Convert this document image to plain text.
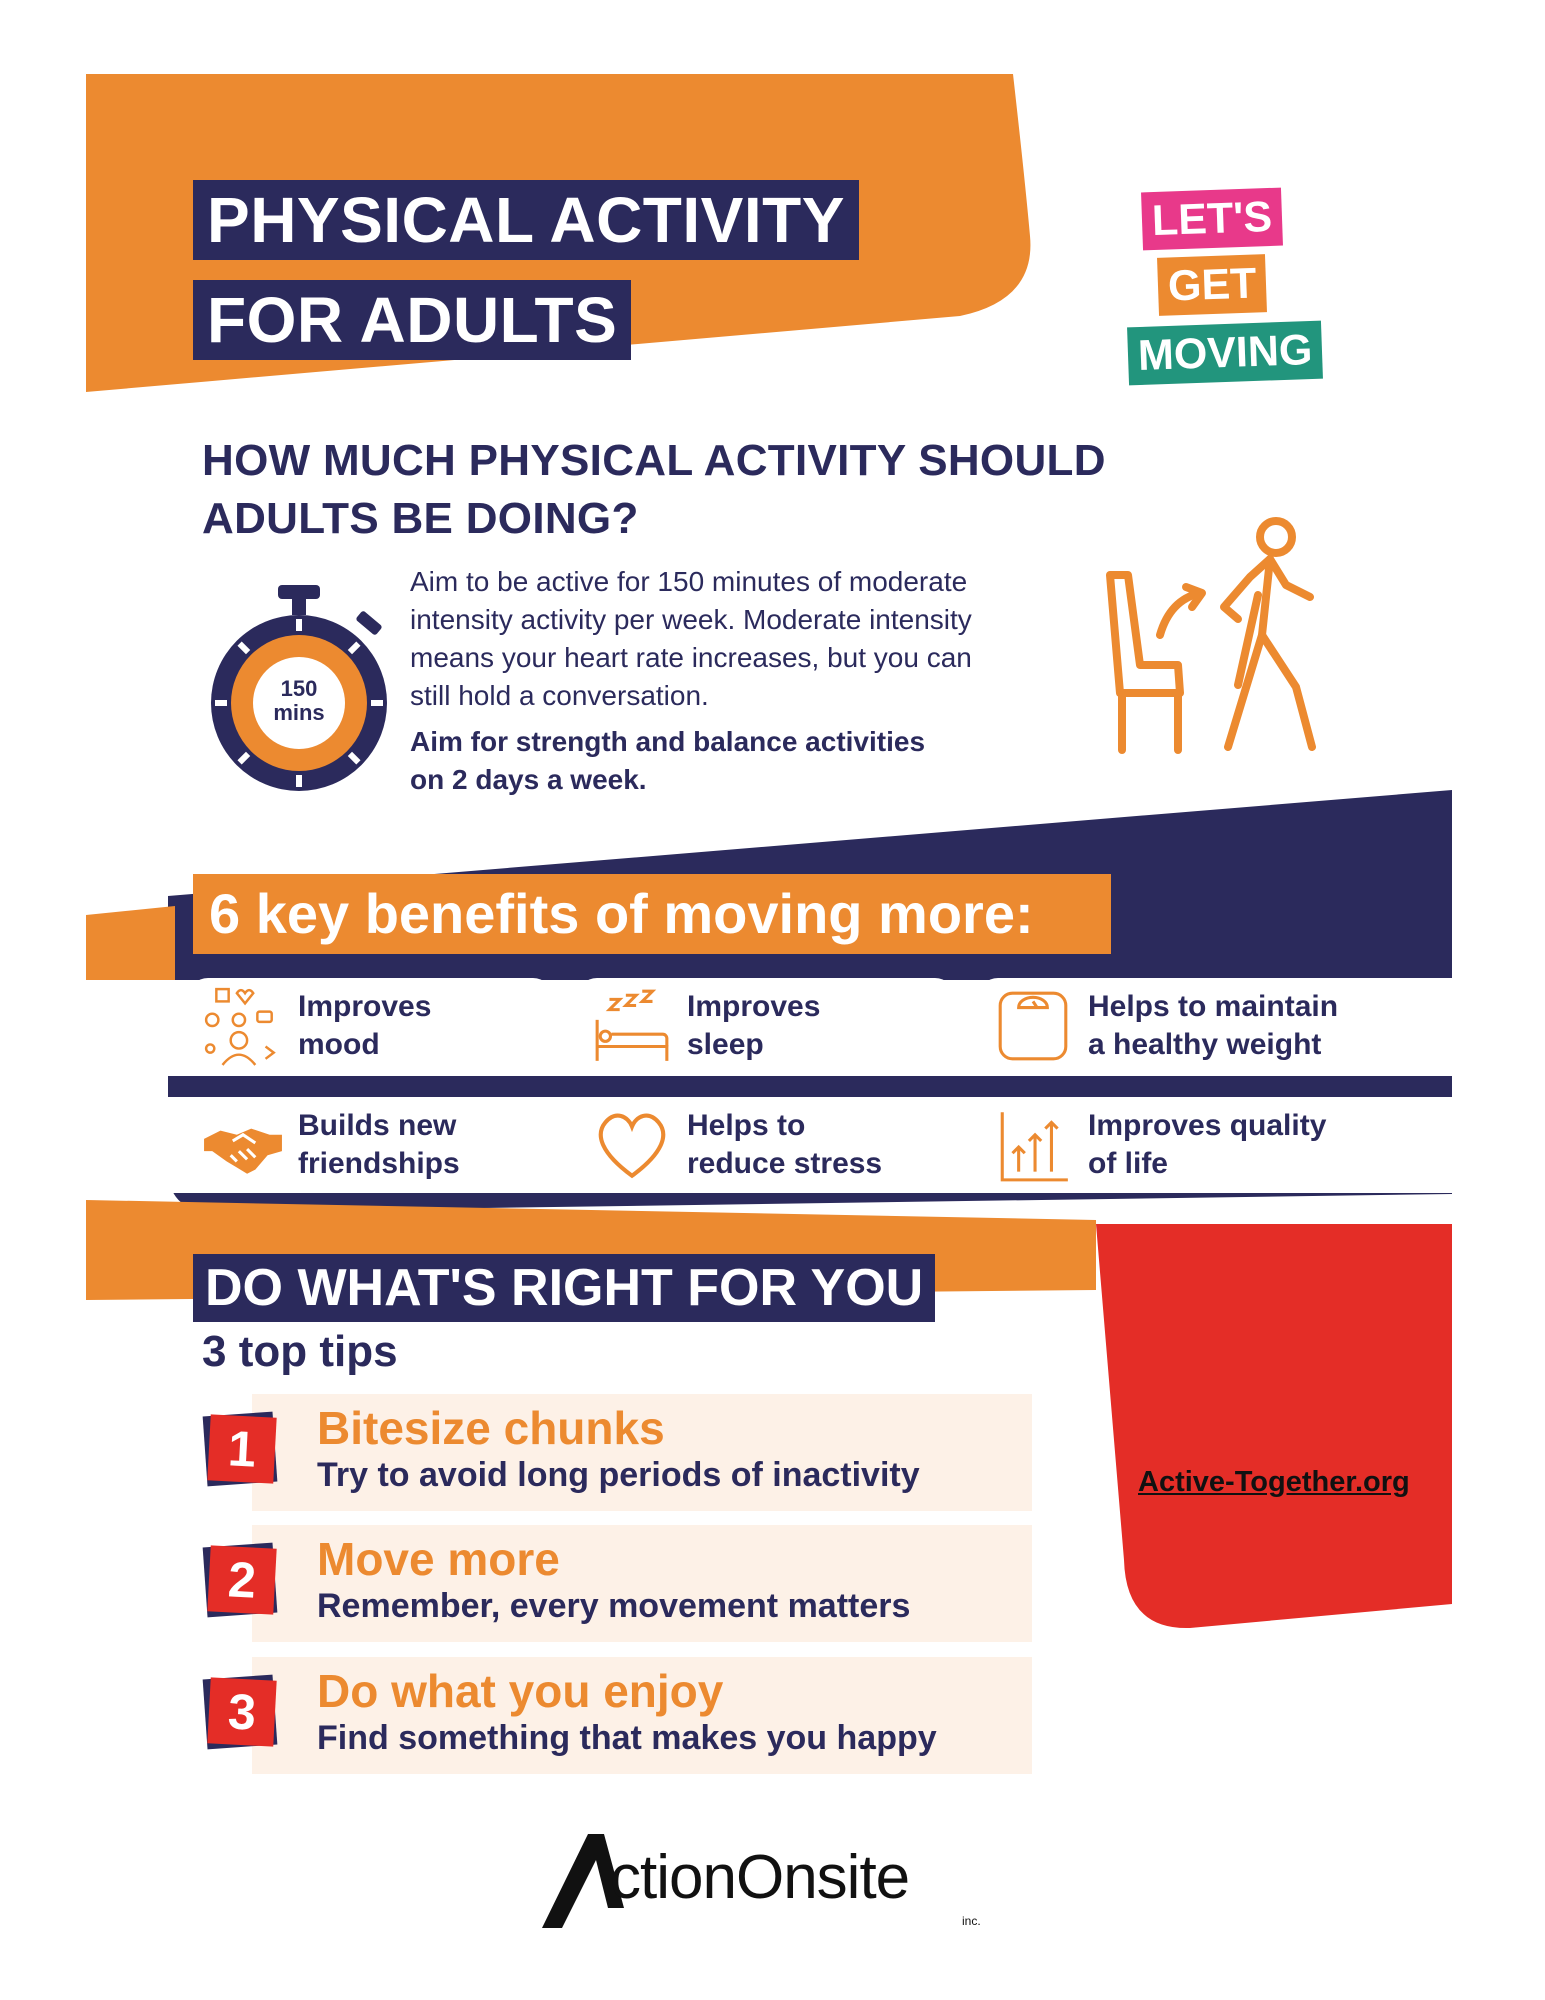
PHYSICAL ACTIVITY
FOR ADULTS
LET'S
GET
MOVING
HOW MUCH PHYSICAL ACTIVITY SHOULD
ADULTS BE DOING?
150
mins
Aim to be active for 150 minutes of moderate
intensity activity per week. Moderate intensity
means your heart rate increases, but you can
still hold a conversation.
Aim for strength and balance activities
on 2 days a week.
6 key benefits of moving more:
Improves
mood
Improves
sleep
Helps to maintain
a healthy weight
Builds new
friendships
Helps to
reduce stress
Improves quality
of life
DO WHAT'S RIGHT FOR YOU
3 top tips
1	Bitesize chunks
Try to avoid long periods of inactivity
2	Move more
Remember, every movement matters
3	Do what you enjoy
Find something that makes you happy
Active-Together.org
ctionOnsite
inc.
